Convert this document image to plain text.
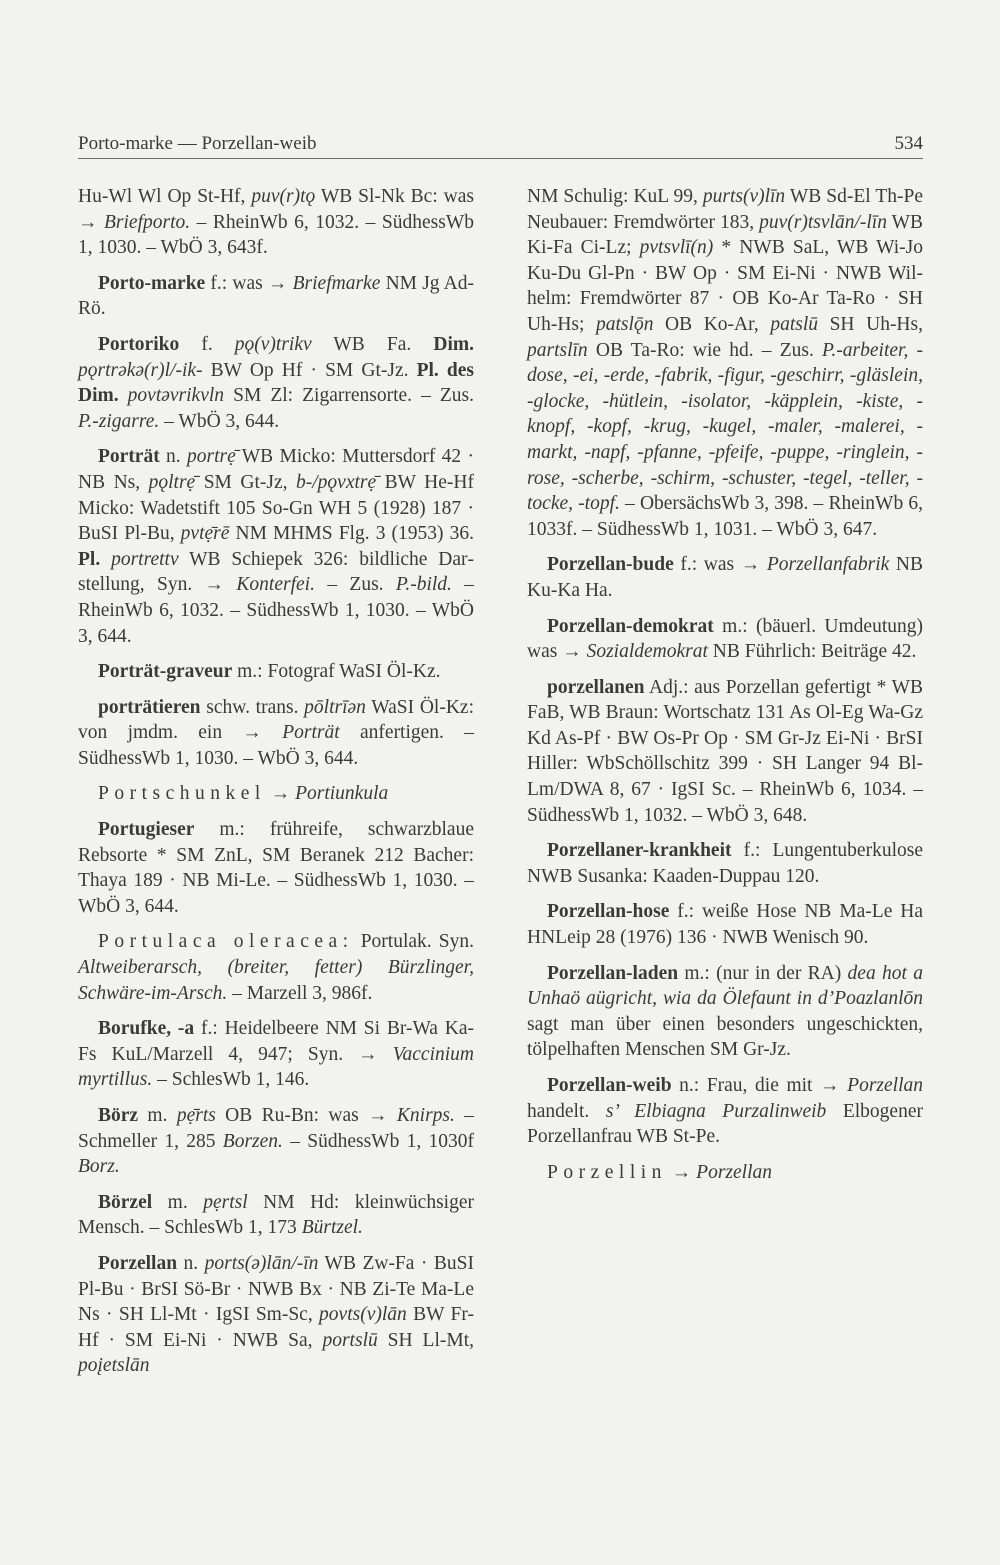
Porto-marke — Porzellan-weib	534

Hu-Wl Wl Op St-Hf, puv(r)tǫ WB Sl-Nk Bc: was → Briefporto. – RheinWb 6, 1032. – SüdhessWb 1, 1030. – WbÖ 3, 643f.

Porto-marke f.: was → Briefmarke NM Jg Ad-Rö.

Portoriko f. pǫ(v)trikv WB Fa. Dim. pǫrtrəkə(r)l/-ik- BW Op Hf · SM Gt-Jz. Pl. des Dim. povtəvrikvln SM Zl: Zigarrensorte. – Zus. P.-zigarre. – WbÖ 3, 644.

Porträt n. portrẹ̄ WB Micko: Muttersdorf 42 · NB Ns, pǫltrẹ̄ SM Gt-Jz, b-/pǫvxtrẹ̄ BW He-Hf Micko: Wadetstift 105 So-Gn WH 5 (1928) 187 · BuSI Pl-Bu, pvtẹ̄rē NM MHMS Flg. 3 (1953) 36. Pl. portrettv WB Schiepek 326: bildliche Darstellung, Syn. → Konterfei. – Zus. P.-bild. – RheinWb 6, 1032. – SüdhessWb 1, 1030. – WbÖ 3, 644.

Porträt-graveur m.: Fotograf WaSI Öl-Kz.

porträtieren schw. trans. pōltrīən WaSI Öl-Kz: von jmdm. ein → Porträt anfertigen. – SüdhessWb 1, 1030. – WbÖ 3, 644.

Portschunkel → Portiunkula

Portugieser m.: frühreife, schwarzblaue Rebsorte * SM ZnL, SM Beranek 212 Bacher: Thaya 189 · NB Mi-Le. – SüdhessWb 1, 1030. – WbÖ 3, 644.

Portulaca oleracea: Portulak. Syn. Altweiberarsch, (breiter, fetter) Bürzlinger, Schwäre-im-Arsch. – Marzell 3, 986f.

Borufke, -a f.: Heidelbeere NM Si Br-Wa Ka-Fs KuL/Marzell 4, 947; Syn. → Vaccinium myrtillus. – SchlesWb 1, 146.

Börz m. pẹ̄rts OB Ru-Bn: was → Knirps. – Schmeller 1, 285 Borzen. – SüdhessWb 1, 1030f Borz.

Börzel m. pẹrtsl NM Hd: kleinwüchsiger Mensch. – SchlesWb 1, 173 Bürtzel.

Porzellan n. ports(ə)lān/-īn WB Zw-Fa · BuSI Pl-Bu · BrSI Sö-Br · NWB Bx · NB Zi-Te Ma-Le Ns · SH Ll-Mt · IgSI Sm-Sc, povts(v)lān BW Fr-Hf · SM Ei-Ni · NWB Sa, portslū SH Ll-Mt, poįetslān

NM Schulig: KuL 99, purts(v)līn WB Sd-El Th-Pe Neubauer: Fremdwörter 183, puv(r)tsvlān/-līn WB Ki-Fa Ci-Lz; pvtsvlī(n) * NWB SaL, WB Wi-Jo Ku-Du Gl-Pn · BW Op · SM Ei-Ni · NWB Wilhelm: Fremdwörter 87 · OB Ko-Ar Ta-Ro · SH Uh-Hs; patslǭn OB Ko-Ar, patslū SH Uh-Hs, partslīn OB Ta-Ro: wie hd. – Zus. P.-arbeiter, -dose, -ei, -erde, -fabrik, -figur, -geschirr, -gläslein, -glocke, -hütlein, -isolator, -käpplein, -kiste, -knopf, -kopf, -krug, -kugel, -maler, -malerei, -markt, -napf, -pfanne, -pfeife, -puppe, -ringlein, -rose, -scherbe, -schirm, -schuster, -tegel, -teller, -tocke, -topf. – ObersächsWb 3, 398. – RheinWb 6, 1033f. – SüdhessWb 1, 1031. – WbÖ 3, 647.

Porzellan-bude f.: was → Porzellanfabrik NB Ku-Ka Ha.

Porzellan-demokrat m.: (bäuerl. Umdeutung) was → Sozialdemokrat NB Führlich: Beiträge 42.

porzellanen Adj.: aus Porzellan gefertigt * WB FaB, WB Braun: Wortschatz 131 As Ol-Eg Wa-Gz Kd As-Pf · BW Os-Pr Op · SM Gr-Jz Ei-Ni · BrSI Hiller: WbSchöllschitz 399 · SH Langer 94 Bl-Lm/DWA 8, 67 · IgSI Sc. – RheinWb 6, 1034. – SüdhessWb 1, 1032. – WbÖ 3, 648.

Porzellaner-krankheit f.: Lungentuberkulose NWB Susanka: Kaaden-Duppau 120.

Porzellan-hose f.: weiße Hose NB Ma-Le Ha HNLeip 28 (1976) 136 · NWB Wenisch 90.

Porzellan-laden m.: (nur in der RA) dea hot a Unhaö aügricht, wia da Ölefaunt in d’Poazlanlōn sagt man über einen besonders ungeschickten, tölpelhaften Menschen SM Gr-Jz.

Porzellan-weib n.: Frau, die mit → Porzellan handelt. s’ Elbiagna Purzalinweib Elbogener Porzellanfrau WB St-Pe.

Porzellin → Porzellan
